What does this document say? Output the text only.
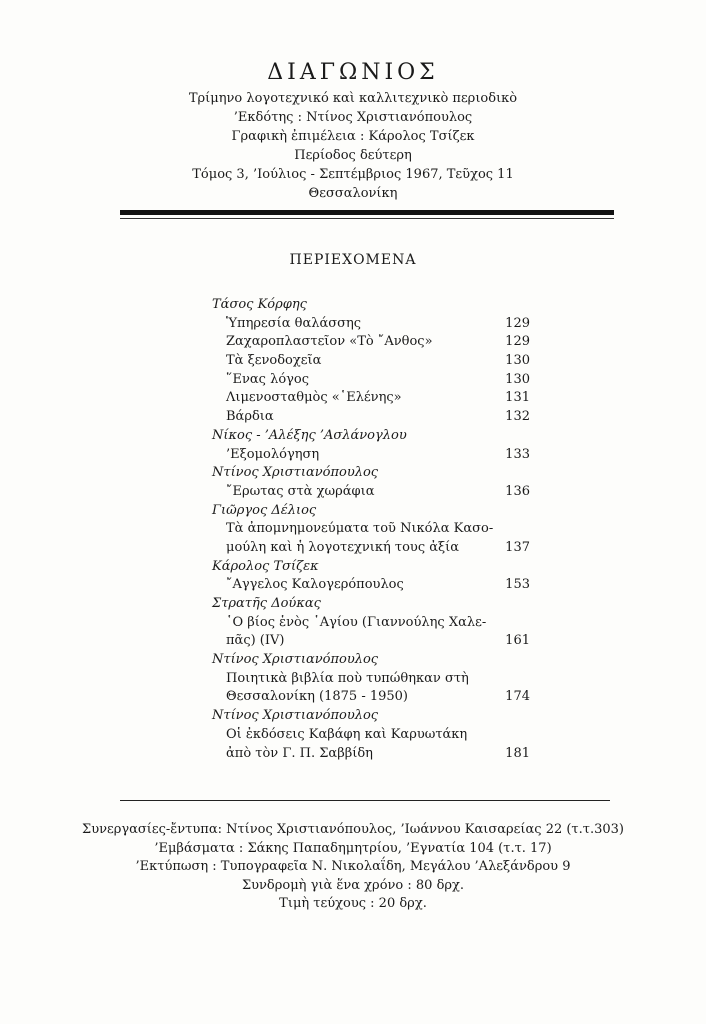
ΔΙΑΓΩΝΙΟΣ
Τρίμηνο λογοτεχνικό καὶ καλλιτεχνικὸ περιοδικὸ
’Εκδότης : Ντίνος Χριστιανόπουλος
Γραφικὴ ἐπιμέλεια : Κάρολος Τσίζεκ
Περίοδος δεύτερη
Τόμος 3, ’Ιούλιος - Σεπτέμβριος 1967, Τεῦχος 11
Θεσσαλονίκη
ΠΕΡΙΕΧΟΜΕΝΑ
Τάσος Κόρφης
Ὑπηρεσία θαλάσσης	129
Ζαχαροπλαστεῖον «Τὸ ῎Ανθος»	129
Τὰ ξενοδοχεῖα	130
῞Ενας λόγος	130
Λιμενοσταθμὸς «῾Ελένης»	131
Βάρδια	132
Νίκος - ’Αλέξης ’Ασλάνογλου
’Εξομολόγηση	133
Ντίνος Χριστιανόπουλος
῎Ερωτας στὰ χωράφια	136
Γιῶργος Δέλιος
Τὰ ἀπομνημονεύματα τοῦ Νικόλα Κασο-
μούλη καὶ ἡ λογοτεχνική τους ἀξία	137
Κάρολος Τσίζεκ
῎Αγγελος Καλογερόπουλος	153
Στρατῆς Δούκας
῾Ο βίος ἑνὸς ῾Αγίου (Γιαννούλης Χαλε-
πᾶς) (IV)	161
Ντίνος Χριστιανόπουλος
Ποιητικὰ βιβλία ποὺ τυπώθηκαν στὴ
Θεσσαλονίκη (1875 - 1950)	174
Ντίνος Χριστιανόπουλος
Οἱ ἐκδόσεις Καβάφη καὶ Καρυωτάκη
ἀπὸ τὸν Γ. Π. Σαββίδη	181
Συνεργασίες-ἔντυπα: Ντίνος Χριστιανόπουλος, ’Ιωάννου Καισαρείας 22 (τ.τ.303)
’Εμβάσματα : Σάκης Παπαδημητρίου, ’Εγνατία 104 (τ.τ. 17)
’Εκτύπωση : Τυπογραφεῖα Ν. Νικολαΐδη, Μεγάλου ’Αλεξάνδρου 9
Συνδρομὴ γιὰ ἕνα χρόνο : 80 δρχ.
Τιμὴ τεύχους : 20 δρχ.
